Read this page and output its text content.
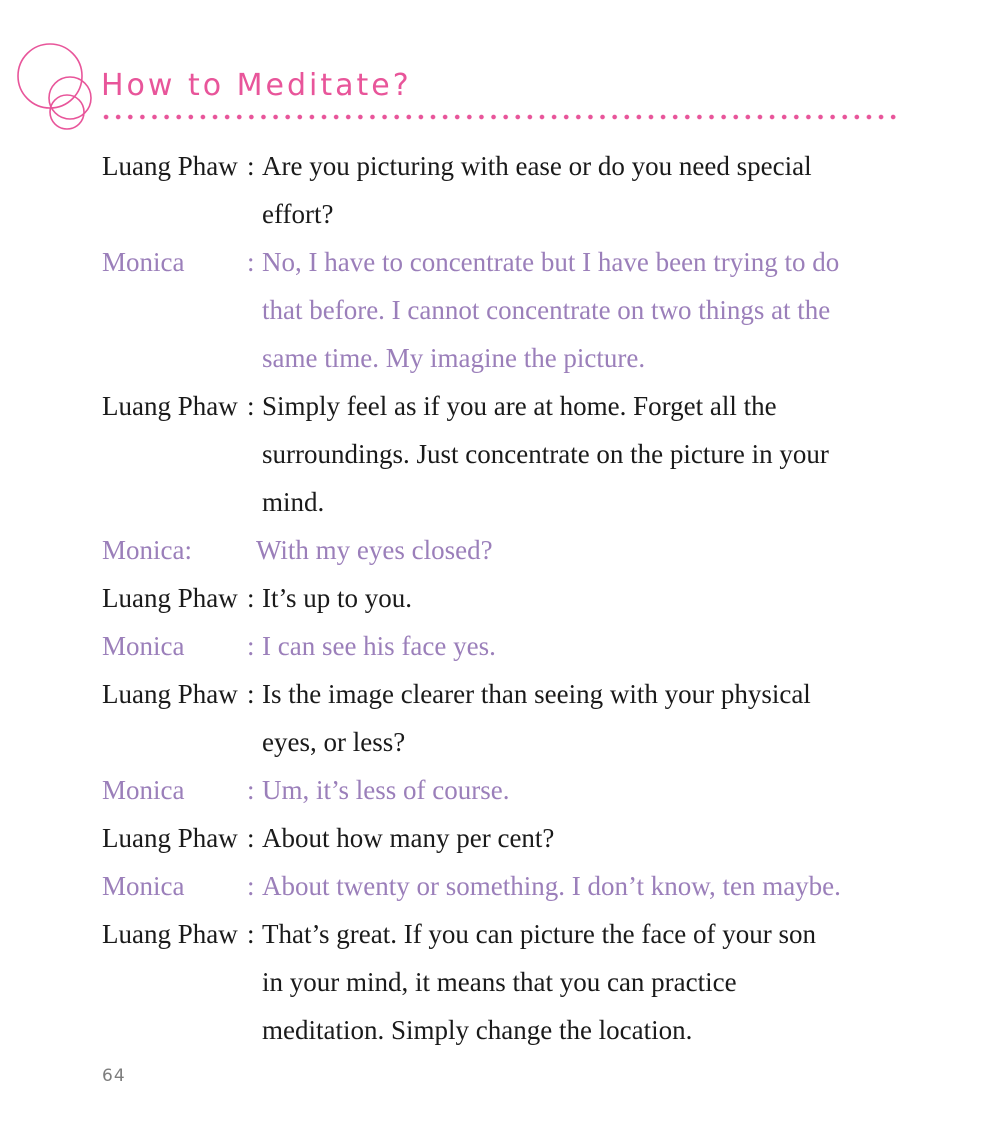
How to Meditate?
Luang Phaw : Are you picturing with ease or do you need special
effort?
Monica : No, I have to concentrate but I have been trying to do
that before. I cannot concentrate on two things at the
same time. My imagine the picture.
Luang Phaw : Simply feel as if you are at home. Forget all the
surroundings. Just concentrate on the picture in your
mind.
Monica: With my eyes closed?
Luang Phaw : It’s up to you.
Monica : I can see his face yes.
Luang Phaw : Is the image clearer than seeing with your physical
eyes, or less?
Monica : Um, it’s less of course.
Luang Phaw : About how many per cent?
Monica : About twenty or something. I don’t know, ten maybe.
Luang Phaw : That’s great. If you can picture the face of your son
in your mind, it means that you can practice
meditation. Simply change the location.
64
